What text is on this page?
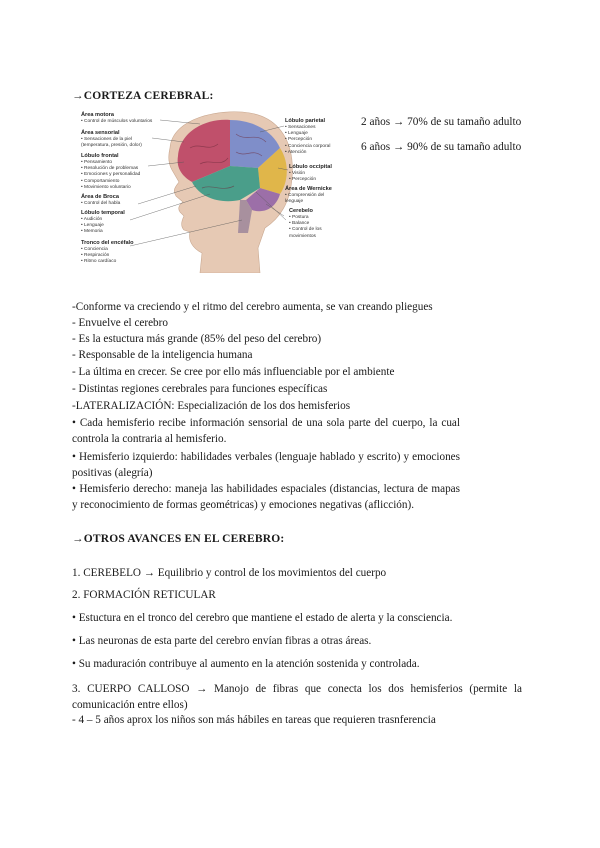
→CORTEZA CEREBRAL:
2 años → 70% de su tamaño adulto
6 años → 90% de su tamaño adulto
Área motora
• Control de músculos voluntarios
Área sensorial
• Sensaciones de la piel (temperatura, presión, dolor)
Lóbulo frontal
• Pensamiento
• Resolución de problemas
• Emociones y personalidad
• Comportamiento
• Movimiento voluntario
Área de Broca
• Control del habla
Lóbulo temporal
• Audición
• Lenguaje
• Memoria
Tronco del encéfalo
• Conciencia
• Respiración
• Ritmo cardíaco
Lóbulo parietal
• Sensaciones
• Lenguaje
• Percepción
• Conciencia corporal
• Atención
Lóbulo occipital
• Visión
• Percepción
Área de Wernicke
• Comprensión del lenguaje
Cerebelo
• Postura
• Balance
• Control de los movimientos
-Conforme va creciendo y el ritmo del cerebro aumenta, se van creando pliegues
- Envuelve el cerebro
- Es la estuctura más grande (85% del peso del cerebro)
- Responsable de la inteligencia humana
- La última en crecer. Se cree por ello más influenciable por el ambiente
- Distintas regiones cerebrales para funciones específicas
-LATERALIZACIÓN: Especialización de los dos hemisferios
• Cada hemisferio recibe información sensorial de una sola parte del cuerpo, la cual controla la contraria al hemisferio.
• Hemisferio izquierdo: habilidades verbales (lenguaje hablado y escrito) y emociones positivas (alegría)
• Hemisferio derecho: maneja las habilidades espaciales (distancias, lectura de mapas y reconocimiento de formas geométricas) y emociones negativas (aflicción).
→OTROS AVANCES EN EL CEREBRO:
1. CEREBELO → Equilibrio y control de los movimientos del cuerpo
2. FORMACIÓN RETICULAR
• Estuctura en el tronco del cerebro que mantiene el estado de alerta y la consciencia.
• Las neuronas de esta parte del cerebro envían fibras a otras áreas.
• Su maduración contribuye al aumento en la atención sostenida y controlada.
3. CUERPO CALLOSO → Manojo de fibras que conecta los dos hemisferios (permite la comunicación entre ellos)
- 4 – 5 años aprox los niños son más hábiles en tareas que requieren trasnferencia
